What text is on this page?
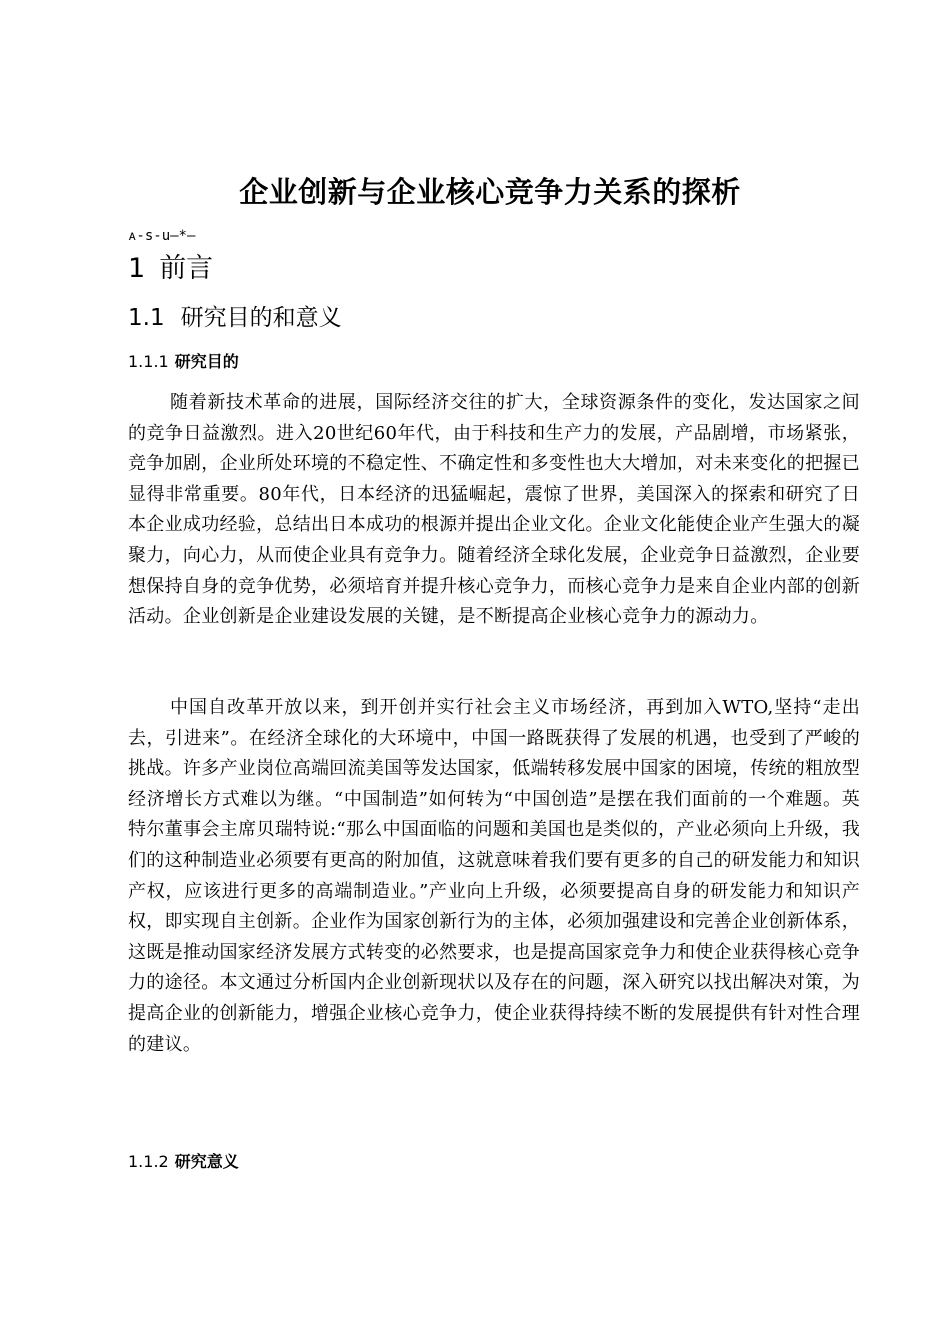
企业创新与企业核心竞争力关系的探析
ᴀ-s-u—*—
1 前言
1.1 研究目的和意义
1.1.1 研究目的

随着新技术革命的进展，国际经济交往的扩大，全球资源条件的变化，发达国家之间的竞争日益激烈。进入20世纪60年代，由于科技和生产力的发展，产品剧增，市场紧张，竞争加剧，企业所处环境的不稳定性、不确定性和多变性也大大增加，对未来变化的把握已显得非常重要。80年代，日本经济的迅猛崛起，震惊了世界，美国深入的探索和研究了日本企业成功经验，总结出日本成功的根源并提出企业文化。企业文化能使企业产生强大的凝聚力，向心力，从而使企业具有竞争力。随着经济全球化发展，企业竞争日益激烈，企业要想保持自身的竞争优势，必须培育并提升核心竞争力，而核心竞争力是来自企业内部的创新活动。企业创新是企业建设发展的关键，是不断提高企业核心竞争力的源动力。

中国自改革开放以来，到开创并实行社会主义市场经济，再到加入WTO,坚持“走出去，引进来”。在经济全球化的大环境中，中国一路既获得了发展的机遇，也受到了严峻的挑战。许多产业岗位高端回流美国等发达国家，低端转移发展中国家的困境，传统的粗放型经济增长方式难以为继。“中国制造”如何转为“中国创造”是摆在我们面前的一个难题。英特尔董事会主席贝瑞特说:“那么中国面临的问题和美国也是类似的，产业必须向上升级，我们的这种制造业必须要有更高的附加值，这就意味着我们要有更多的自己的研发能力和知识产权，应该进行更多的高端制造业。”产业向上升级，必须要提高自身的研发能力和知识产权，即实现自主创新。企业作为国家创新行为的主体，必须加强建设和完善企业创新体系，这既是推动国家经济发展方式转变的必然要求，也是提高国家竞争力和使企业获得核心竞争力的途径。本文通过分析国内企业创新现状以及存在的问题，深入研究以找出解决对策，为提高企业的创新能力，增强企业核心竞争力，使企业获得持续不断的发展提供有针对性合理的建议。

1.1.2 研究意义
